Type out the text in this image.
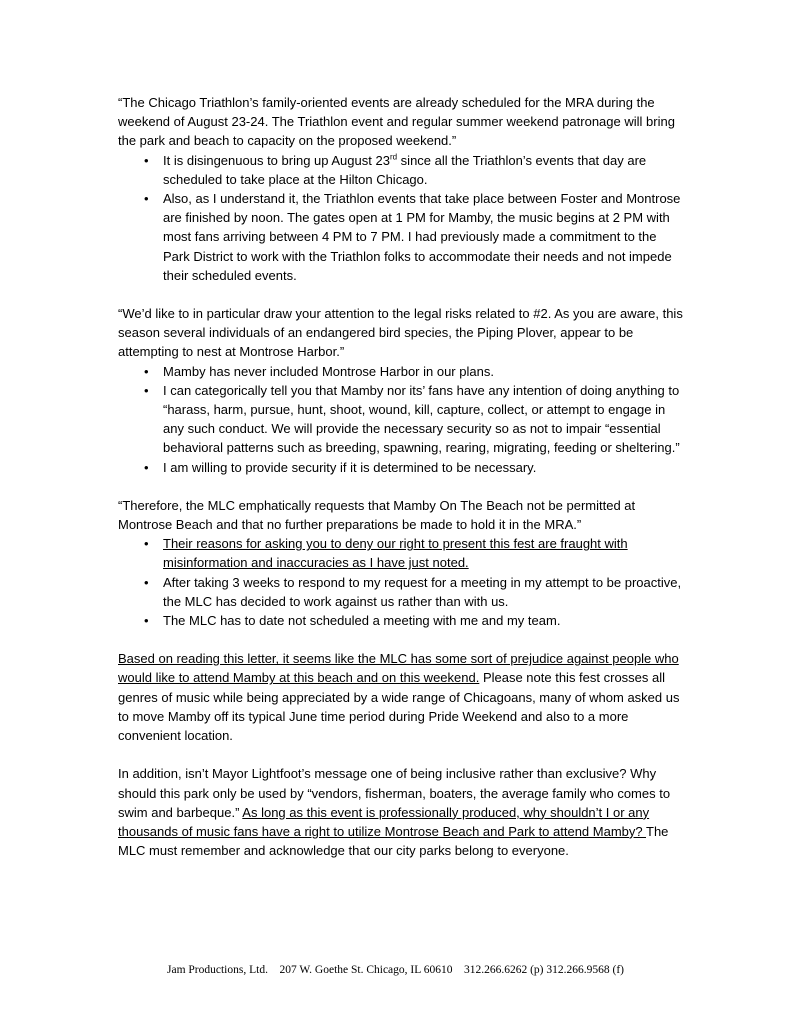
“The Chicago Triathlon’s family-oriented events are already scheduled for the MRA during the weekend of August 23-24. The Triathlon event and regular summer weekend patronage will bring the park and beach to capacity on the proposed weekend.”

• It is disingenuous to bring up August 23rd since all the Triathlon’s events that day are scheduled to take place at the Hilton Chicago.
• Also, as I understand it, the Triathlon events that take place between Foster and Montrose are finished by noon. The gates open at 1 PM for Mamby, the music begins at 2 PM with most fans arriving between 4 PM to 7 PM. I had previously made a commitment to the Park District to work with the Triathlon folks to accommodate their needs and not impede their scheduled events.

“We’d like to in particular draw your attention to the legal risks related to #2. As you are aware, this season several individuals of an endangered bird species, the Piping Plover, appear to be attempting to nest at Montrose Harbor.”

• Mamby has never included Montrose Harbor in our plans.
• I can categorically tell you that Mamby nor its’ fans have any intention of doing anything to “harass, harm, pursue, hunt, shoot, wound, kill, capture, collect, or attempt to engage in any such conduct. We will provide the necessary security so as not to impair “essential behavioral patterns such as breeding, spawning, rearing, migrating, feeding or sheltering.”
• I am willing to provide security if it is determined to be necessary.

“Therefore, the MLC emphatically requests that Mamby On The Beach not be permitted at Montrose Beach and that no further preparations be made to hold it in the MRA.”

• Their reasons for asking you to deny our right to present this fest are fraught with misinformation and inaccuracies as I have just noted.
• After taking 3 weeks to respond to my request for a meeting in my attempt to be proactive, the MLC has decided to work against us rather than with us.
• The MLC has to date not scheduled a meeting with me and my team.

Based on reading this letter, it seems like the MLC has some sort of prejudice against people who would like to attend Mamby at this beach and on this weekend. Please note this fest crosses all genres of music while being appreciated by a wide range of Chicagoans, many of whom asked us to move Mamby off its typical June time period during Pride Weekend and also to a more convenient location.

In addition, isn’t Mayor Lightfoot’s message one of being inclusive rather than exclusive? Why should this park only be used by “vendors, fisherman, boaters, the average family who comes to swim and barbeque.” As long as this event is professionally produced, why shouldn’t I or any thousands of music fans have a right to utilize Montrose Beach and Park to attend Mamby? The MLC must remember and acknowledge that our city parks belong to everyone.

Jam Productions, Ltd.    207 W. Goethe St. Chicago, IL 60610    312.266.6262 (p) 312.266.9568 (f)
